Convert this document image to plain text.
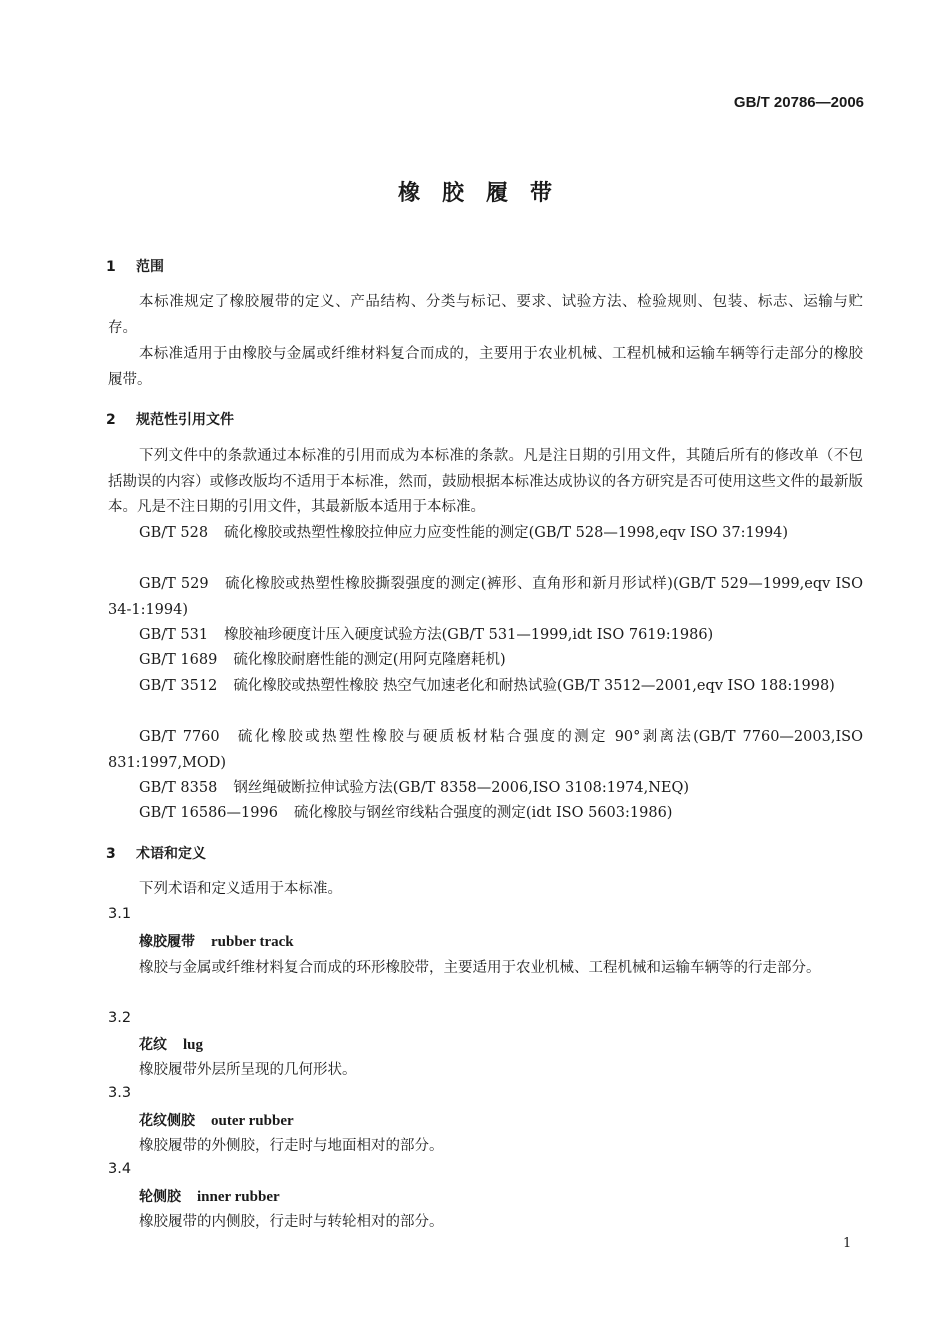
GB/T 20786—2006
橡胶履带
1 范围
本标准规定了橡胶履带的定义、产品结构、分类与标记、要求、试验方法、检验规则、包装、标志、运输与贮存。
本标准适用于由橡胶与金属或纤维材料复合而成的，主要用于农业机械、工程机械和运输车辆等行走部分的橡胶履带。
2 规范性引用文件
下列文件中的条款通过本标准的引用而成为本标准的条款。凡是注日期的引用文件，其随后所有的修改单（不包括勘误的内容）或修改版均不适用于本标准，然而，鼓励根据本标准达成协议的各方研究是否可使用这些文件的最新版本。凡是不注日期的引用文件，其最新版本适用于本标准。
GB/T 528 硫化橡胶或热塑性橡胶拉伸应力应变性能的测定(GB/T 528—1998,eqv ISO 37:1994)
GB/T 529 硫化橡胶或热塑性橡胶撕裂强度的测定(裤形、直角形和新月形试样)(GB/T 529—1999,eqv ISO 34-1:1994)
GB/T 531 橡胶袖珍硬度计压入硬度试验方法(GB/T 531—1999,idt ISO 7619:1986)
GB/T 1689 硫化橡胶耐磨性能的测定(用阿克隆磨耗机)
GB/T 3512 硫化橡胶或热塑性橡胶 热空气加速老化和耐热试验(GB/T 3512—2001,eqv ISO 188:1998)
GB/T 7760 硫化橡胶或热塑性橡胶与硬质板材粘合强度的测定 90°剥离法(GB/T 7760—2003,ISO 831:1997,MOD)
GB/T 8358 钢丝绳破断拉伸试验方法(GB/T 8358—2006,ISO 3108:1974,NEQ)
GB/T 16586—1996 硫化橡胶与钢丝帘线粘合强度的测定(idt ISO 5603:1986)
3 术语和定义
下列术语和定义适用于本标准。
3.1
橡胶履带 rubber track
橡胶与金属或纤维材料复合而成的环形橡胶带，主要适用于农业机械、工程机械和运输车辆等的行走部分。
3.2
花纹 lug
橡胶履带外层所呈现的几何形状。
3.3
花纹侧胶 outer rubber
橡胶履带的外侧胶，行走时与地面相对的部分。
3.4
轮侧胶 inner rubber
橡胶履带的内侧胶，行走时与转轮相对的部分。
1
